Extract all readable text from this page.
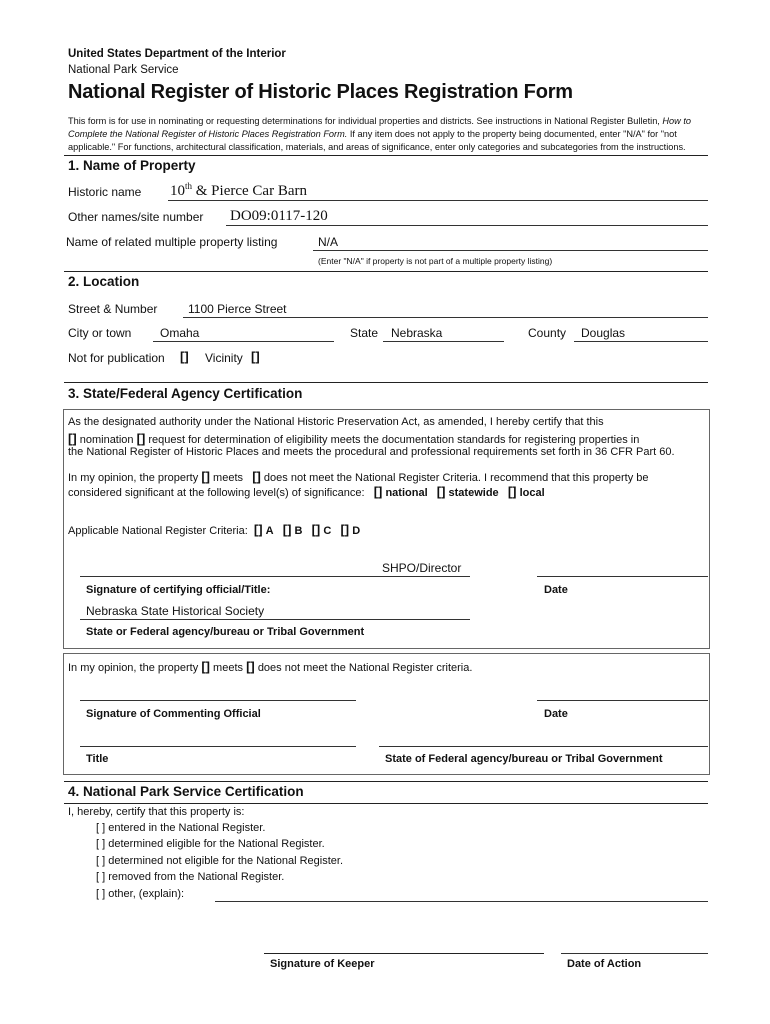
United States Department of the Interior
National Park Service
National Register of Historic Places Registration Form
This form is for use in nominating or requesting determinations for individual properties and districts. See instructions in National Register Bulletin, How to Complete the National Register of Historic Places Registration Form. If any item does not apply to the property being documented, enter "N/A" for "not applicable." For functions, architectural classification, materials, and areas of significance, enter only categories and subcategories from the instructions.
1. Name of Property
Historic name 10th & Pierce Car Barn
Other names/site number DO09:0117-120
Name of related multiple property listing	N/A
(Enter "N/A" if property is not part of a multiple property listing)
2. Location
Street & Number	1100 Pierce Street
City or town Omaha	State Nebraska	County Douglas
Not for publication [] Vicinity []
3. State/Federal Agency Certification
As the designated authority under the National Historic Preservation Act, as amended, I hereby certify that this
[] nomination [] request for determination of eligibility meets the documentation standards for registering properties in
the National Register of Historic Places and meets the procedural and professional requirements set forth in 36 CFR Part 60.
In my opinion, the property [] meets [] does not meet the National Register Criteria. I recommend that this property be
considered significant at the following level(s) of significance: [] national [] statewide [] local
Applicable National Register Criteria: [] A [] B [] C [] D
SHPO/Director
Signature of certifying official/Title:	Date
Nebraska State Historical Society
State or Federal agency/bureau or Tribal Government
In my opinion, the property [] meets [] does not meet the National Register criteria.
Signature of Commenting Official	Date
Title	State of Federal agency/bureau or Tribal Government
4. National Park Service Certification
I, hereby, certify that this property is:
[ ] entered in the National Register.
[ ] determined eligible for the National Register.
[ ] determined not eligible for the National Register.
[ ] removed from the National Register.
[ ] other, (explain):
Signature of Keeper	Date of Action
